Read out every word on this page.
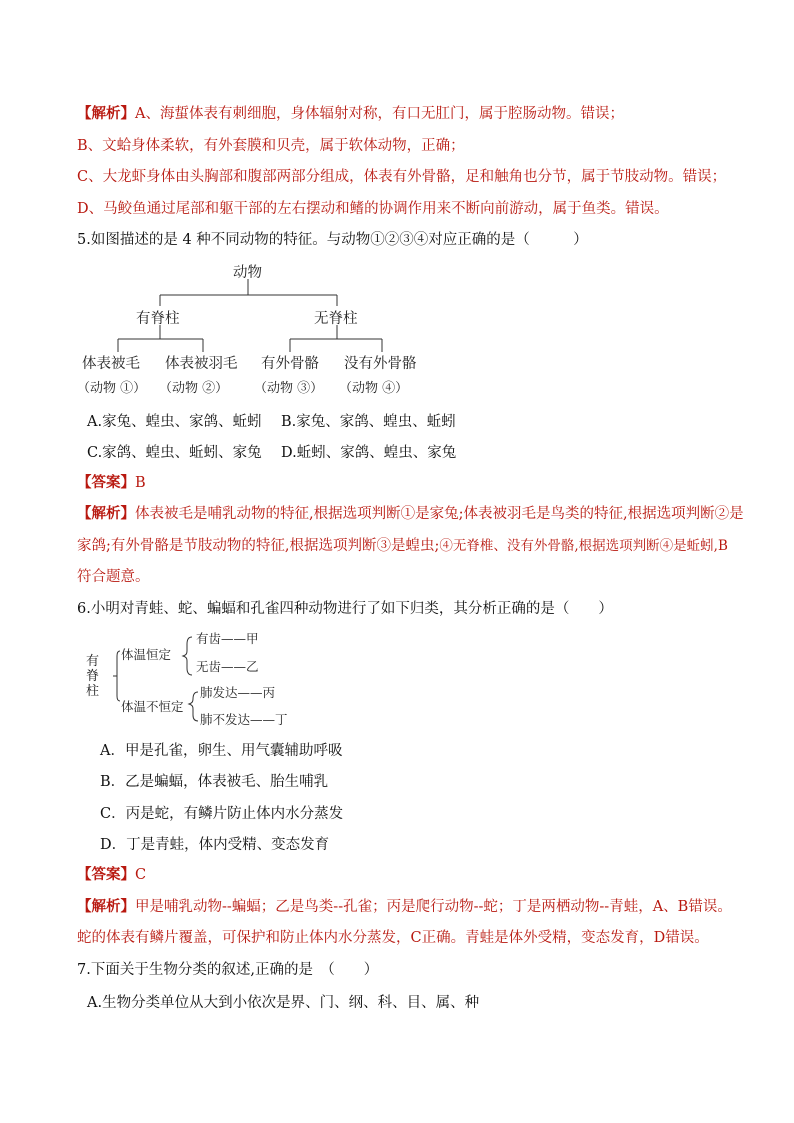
【解析】A、海蜇体表有刺细胞，身体辐射对称，有口无肛门，属于腔肠动物。错误；
B、文蛤身体柔软，有外套膜和贝壳，属于软体动物，正确；
C、大龙虾身体由头胸部和腹部两部分组成，体表有外骨骼，足和触角也分节，属于节肢动物。错误；
D、马鲛鱼通过尾部和躯干部的左右摆动和鳍的协调作用来不断向前游动，属于鱼类。错误。
5.如图描述的是 4 种不同动物的特征。与动物①②③④对应正确的是（　　　）
动物
有脊柱	无脊柱
体表被毛 体表被羽毛 有外骨骼 没有外骨骼
（动物 ①） （动物 ②） （动物 ③） （动物 ④）
A.家兔、蝗虫、家鸽、蚯蚓 B.家兔、家鸽、蝗虫、蚯蚓
C.家鸽、蝗虫、蚯蚓、家兔 D.蚯蚓、家鸽、蝗虫、家兔
【答案】B
【解析】体表被毛是哺乳动物的特征,根据选项判断①是家兔;体表被羽毛是鸟类的特征,根据选项判断②是
家鸽;有外骨骼是节肢动物的特征,根据选项判断③是蝗虫;④无脊椎、没有外骨骼,根据选项判断④是蚯蚓,B
符合题意。
6.小明对青蛙、蛇、蝙蝠和孔雀四种动物进行了如下归类，其分析正确的是（　　）
有脊柱
体温恒定
体温不恒定
有齿——甲
无齿——乙
肺发达——丙
肺不发达——丁
A．甲是孔雀，卵生、用气囊辅助呼吸
B．乙是蝙蝠，体表被毛、胎生哺乳
C．丙是蛇，有鳞片防止体内水分蒸发
D．丁是青蛙，体内受精、变态发育
【答案】C
【解析】甲是哺乳动物--蝙蝠；乙是鸟类--孔雀；丙是爬行动物--蛇；丁是两栖动物--青蛙，A、B错误。
蛇的体表有鳞片覆盖，可保护和防止体内水分蒸发，C正确。青蛙是体外受精，变态发育，D错误。
7.下面关于生物分类的叙述,正确的是　（　　）
A.生物分类单位从大到小依次是界、门、纲、科、目、属、种
